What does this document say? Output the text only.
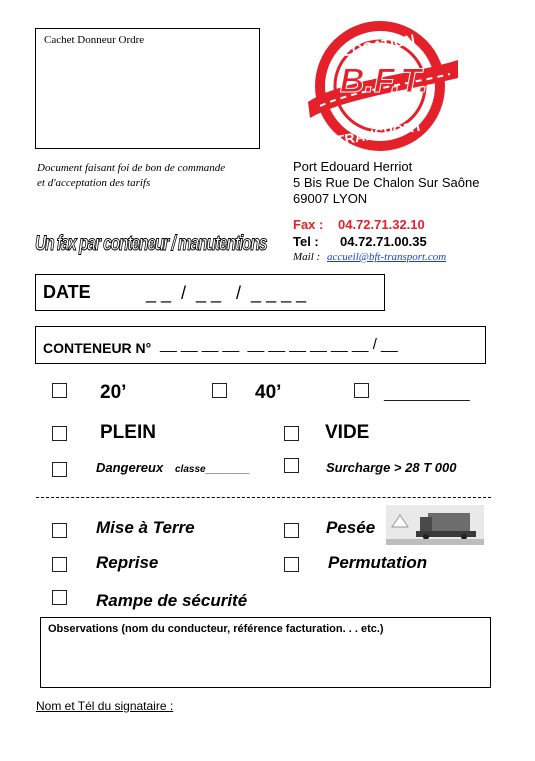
Cachet Donneur Ordre	LOCATION
B.F.T.
TRANSPORT
Document faisant foi de bon de commande
et d'acceptation des tarifs
Port Edouard Herriot
5 Bis Rue De Chalon Sur Saône
69007 LYON
Fax : 04.72.71.32.10
Tel : 04.72.71.00.35
Mail : accueil@bft-transport.com
Un fax par conteneur / manutentions
DATE	_ _  /  _ _   /  _ _ _ _
CONTENEUR N° __ __ __ __  __ __ __ __ __ __ / __
20’	40’	___________
PLEIN	VIDE
Dangereux classe________	Surcharge > 28 T 000
Mise à Terre	Pesée
Reprise	Permutation
Rampe de sécurité
Observations (nom du conducteur, référence facturation. . . etc.)
Nom et Tél du signataire :
